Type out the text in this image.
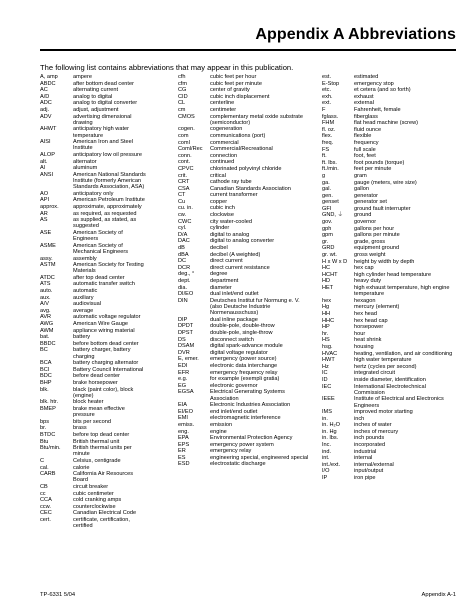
Appendix A Abbreviations
The following list contains abbreviations that may appear in this publication.
A, amp	ampere
ABDC	after bottom dead center
AC	alternating current
A/D	analog to digital
ADC	analog to digital converter
adj.	adjust, adjustment
ADV	advertising dimensional drawing
AHWT	anticipatory high water temperature
AISI	American Iron and Steel Institute
ALOP	anticipatory low oil pressure
alt.	alternator
Al	aluminum
ANSI	American National Standards Institute (formerly American Standards Association, ASA)
AO	anticipatory only
API	American Petroleum Institute
approx.	approximate, approximately
AR	as required, as requested
AS	as supplied, as stated, as suggested
ASE	American Society of Engineers
ASME	American Society of Mechanical Engineers
assy.	assembly
ASTM	American Society for Testing Materials
ATDC	after top dead center
ATS	automatic transfer switch
auto.	automatic
aux.	auxiliary
A/V	audiovisual
avg.	average
AVR	automatic voltage regulator
AWG	American Wire Gauge
AWM	appliance wiring material
bat.	battery
BBDC	before bottom dead center
BC	battery charger, battery charging
BCA	battery charging alternator
BCI	Battery Council International
BDC	before dead center
BHP	brake horsepower
blk.	black (paint color), block (engine)
blk. htr.	block heater
BMEP	brake mean effective pressure
bps	bits per second
br.	brass
BTDC	before top dead center
Btu	British thermal unit
Btu/min.	British thermal units per minute
C	Celsius, centigrade
cal.	calorie
CARB	California Air Resources Board
CB	circuit breaker
cc	cubic centimeter
CCA	cold cranking amps
ccw.	counterclockwise
CEC	Canadian Electrical Code
cert.	certificate, certification, certified
cfh	cubic feet per hour
cfm	cubic feet per minute
CG	center of gravity
CID	cubic inch displacement
CL	centerline
cm	centimeter
CMOS	complementary metal oxide substrate (semiconductor)
cogen.	cogeneration
com	communications (port)
coml	commercial
Coml/Rec	Commercial/Recreational
conn.	connection
cont.	continued
CPVC	chlorinated polyvinyl chloride
crit.	critical
CRT	cathode ray tube
CSA	Canadian Standards Association
CT	current transformer
Cu	copper
cu. in.	cubic inch
cw.	clockwise
CWC	city water-cooled
cyl.	cylinder
D/A	digital to analog
DAC	digital to analog converter
dB	decibel
dBA	decibel (A weighted)
DC	direct current
DCR	direct current resistance
deg., °	degree
dept.	department
dia.	diameter
DI/EO	dual inlet/end outlet
DIN	Deutsches Institut fur Normung e. V. (also Deutsche Industrie Normenausschuss)
DIP	dual inline package
DPDT	double-pole, double-throw
DPST	double-pole, single-throw
DS	disconnect switch
DSAM	digital spark-advance module
DVR	digital voltage regulator
E, emer.	emergency (power source)
EDI	electronic data interchange
EFR	emergency frequency relay
e.g.	for example (exempli gratia)
EG	electronic governor
EGSA	Electrical Generating Systems Association
EIA	Electronic Industries Association
EI/EO	end inlet/end outlet
EMI	electromagnetic interference
emiss.	emission
eng.	engine
EPA	Environmental Protection Agency
EPS	emergency power system
ER	emergency relay
ES	engineering special, engineered special
ESD	electrostatic discharge
est.	estimated
E-Stop	emergency stop
etc.	et cetera (and so forth)
exh.	exhaust
ext.	external
F	Fahrenheit, female
fglass.	fiberglass
FHM	flat head machine (screw)
fl. oz.	fluid ounce
flex.	flexible
freq.	frequency
FS	full scale
ft.	foot, feet
ft. lbs.	foot pounds (torque)
ft./min.	feet per minute
g	gram
ga.	gauge (meters, wire size)
gal.	gallon
gen.	generator
genset	generator set
GFI	ground fault interrupter
GND, ⏚	ground
gov.	governor
gph	gallons per hour
gpm	gallons per minute
gr.	grade, gross
GRD	equipment ground
gr. wt.	gross weight
H x W x D	height by width by depth
HC	hex cap
HCHT	high cylinder head temperature
HD	heavy duty
HET	high exhaust temperature, high engine temperature
hex	hexagon
Hg	mercury (element)
HH	hex head
HHC	hex head cap
HP	horsepower
hr.	hour
HS	heat shrink
hsg.	housing
HVAC	heating, ventilation, and air conditioning
HWT	high water temperature
Hz	hertz (cycles per second)
IC	integrated circuit
ID	inside diameter, identification
IEC	International Electrotechnical Commission
IEEE	Institute of Electrical and Electronics Engineers
IMS	improved motor starting
in.	inch
in. H₂O	inches of water
in. Hg	inches of mercury
in. lbs.	inch pounds
Inc.	incorporated
ind.	industrial
int.	internal
int./ext.	internal/external
I/O	input/output
IP	iron pipe
TP-6331 5/04	Appendix A-1
